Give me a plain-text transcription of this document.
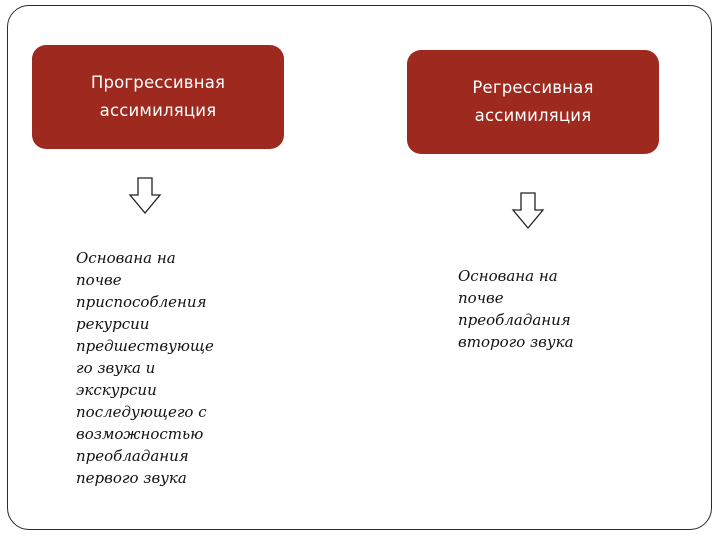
Прогрессивная
ассимиляция
Основана на
почве
приспособления
рекурсии
предшествующе
го звука и
экскурсии
последующего с
возможностью
преобладания
первого звука
Регрессивная
ассимиляция
Основана на
почве
преобладания
второго звука
